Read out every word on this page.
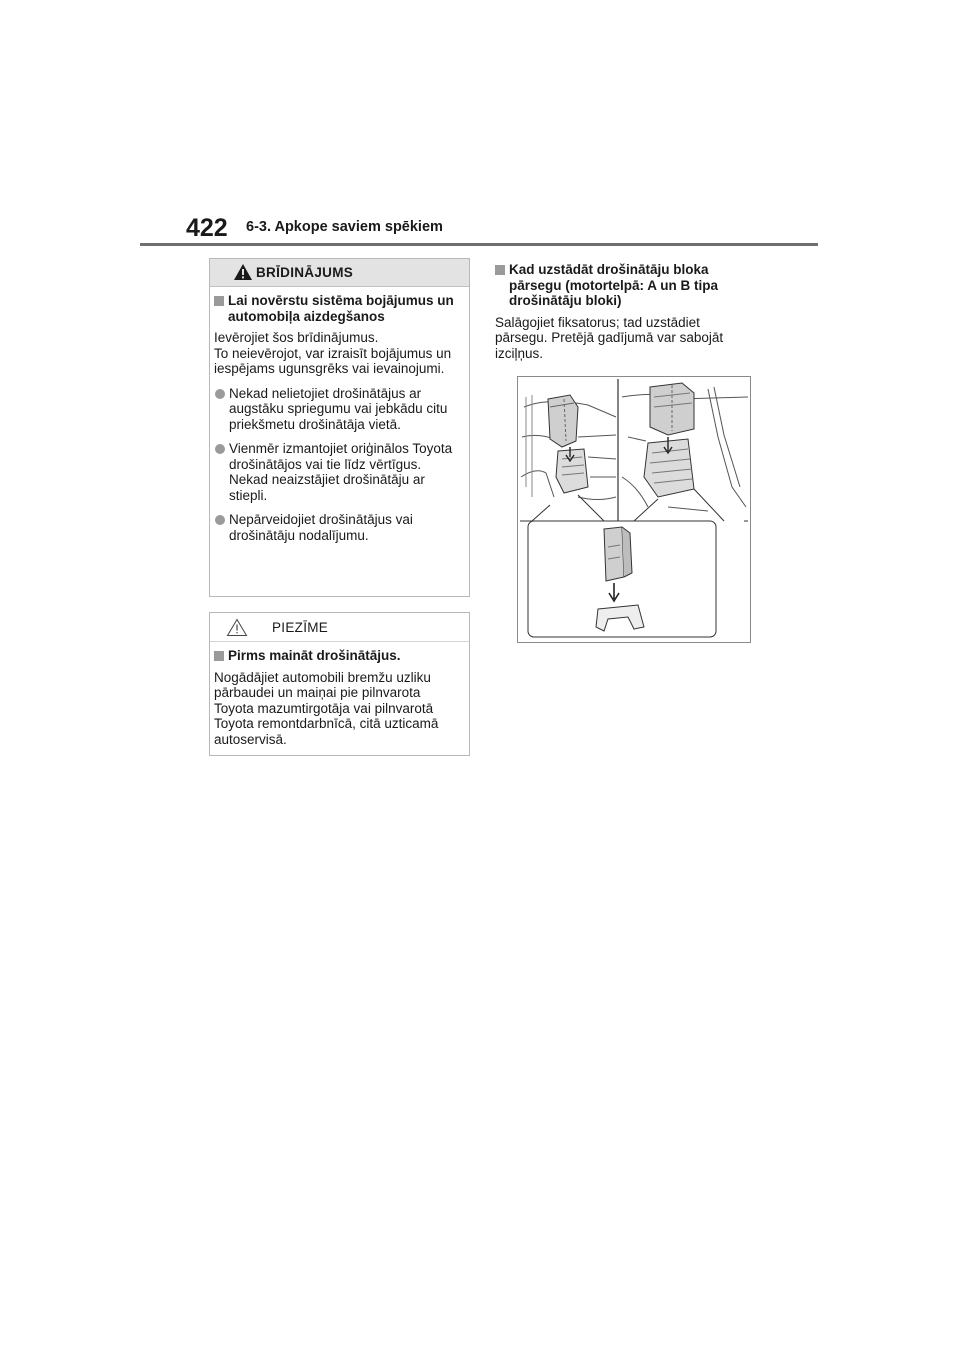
422 6-3. Apkope saviem spēkiem
BRĪDINĀJUMS
Lai novērstu sistēma bojājumus un automobiļa aizdegšanos
Ievērojiet šos brīdinājumus.
To neievērojot, var izraisīt bojājumus un iespējams ugunsgrēks vai ievainojumi.
Nekad nelietojiet drošinātājus ar augstāku spriegumu vai jebkādu citu priekšmetu drošinātāja vietā.
Vienmēr izmantojiet oriģinālos Toyota drošinātājos vai tie līdz vērtīgus.
Nekad neaizstājiet drošinātāju ar stiepli.
Nepārveidojiet drošinātājus vai drošinātāju nodalījumu.
PIEZĪME
Pirms maināt drošinātājus.
Nogādājiet automobili bremžu uzliku pārbaudei un maiņai pie pilnvarota Toyota mazumtirgotāja vai pilnvarotā Toyota remontdarbnīcā, citā uzticamā autoservisā.
Kad uzstādāt drošinātāju bloka pārsegu (motortelpā: A un B tipa drošinātāju bloki)
Salāgojiet fiksatorus; tad uzstādiet pārsegu. Pretējā gadījumā var sabojāt izciļņus.
